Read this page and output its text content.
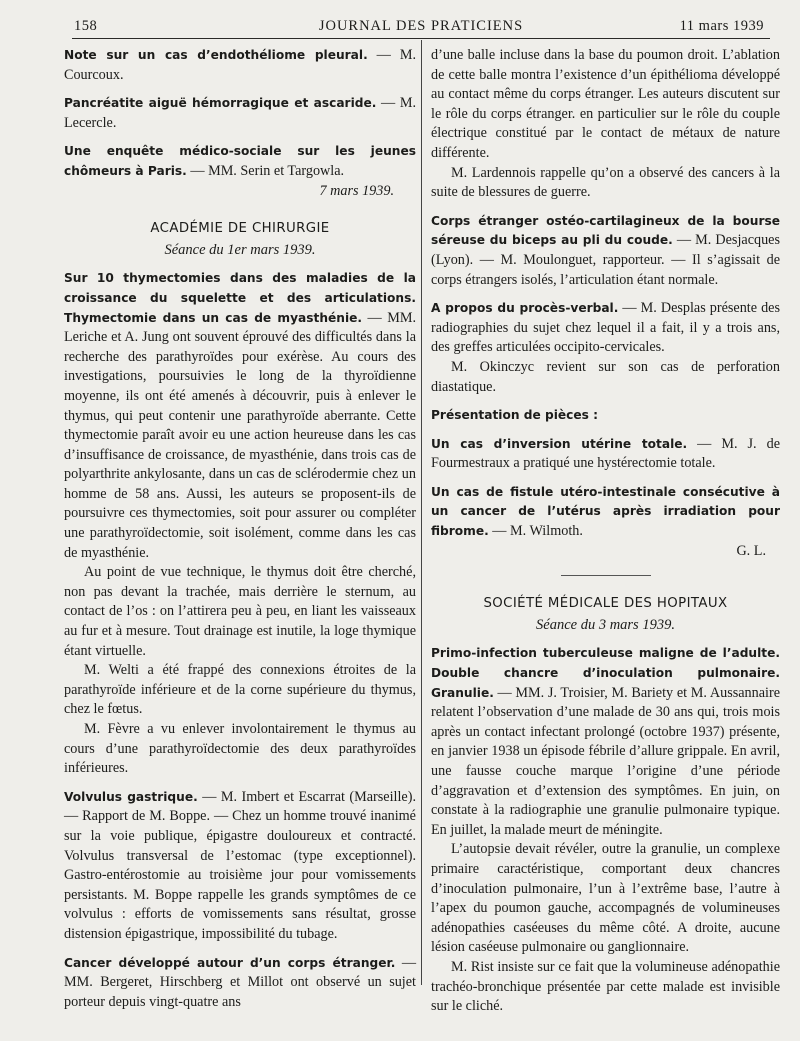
158	JOURNAL DES PRATICIENS	11 mars 1939

Note sur un cas d’endothéliome pleural. — M. Courcoux.

Pancréatite aiguë hémorragique et ascaride. — M. Lecercle.

Une enquête médico-sociale sur les jeunes chômeurs à Paris. — MM. Serin et Targowla.

7 mars 1939.

ACADÉMIE DE CHIRURGIE

Séance du 1er mars 1939.

Sur 10 thymectomies dans des maladies de la croissance du squelette et des articulations. Thymectomie dans un cas de myasthénie. — MM. Leriche et A. Jung ont souvent éprouvé des difficultés dans la recherche des parathyroïdes pour exérèse. Au cours des investigations, poursuivies le long de la thyroïdienne moyenne, ils ont été amenés à découvrir, puis à enlever le thymus, qui peut contenir une parathyroïde aberrante. Cette thymectomie paraît avoir eu une action heureuse dans les cas d’insuffisance de croissance, de myasthénie, dans trois cas de polyarthrite ankylosante, dans un cas de sclérodermie chez un homme de 58 ans. Aussi, les auteurs se proposent-ils de poursuivre ces thymectomies, soit pour assurer ou compléter une parathyroïdectomie, soit isolément, comme dans les cas de myasthénie.

Au point de vue technique, le thymus doit être cherché, non pas devant la trachée, mais derrière le sternum, au contact de l’os : on l’attirera peu à peu, en liant les vaisseaux au fur et à mesure. Tout drainage est inutile, la loge thymique étant virtuelle.

M. Welti a été frappé des connexions étroites de la parathyroïde inférieure et de la corne supérieure du thymus, chez le fœtus.

M. Fèvre a vu enlever involontairement le thymus au cours d’une parathyroïdectomie des deux parathyroïdes inférieures.

Volvulus gastrique. — M. Imbert et Escarrat (Marseille). — Rapport de M. Boppe. — Chez un homme trouvé inanimé sur la voie publique, épigastre douloureux et contracté. Volvulus transversal de l’estomac (type exceptionnel). Gastro-entérostomie au troisième jour pour vomissements persistants. M. Boppe rappelle les grands symptômes de ce volvulus : efforts de vomissements sans résultat, grosse distension épigastrique, impossibilité du tubage.

Cancer développé autour d’un corps étranger. — MM. Bergeret, Hirschberg et Millot ont observé un sujet porteur depuis vingt-quatre ans

d’une balle incluse dans la base du poumon droit. L’ablation de cette balle montra l’existence d’un épithélioma développé au contact même du corps étranger. Les auteurs discutent sur le rôle du corps étranger. en particulier sur le rôle du couple électrique constitué par le contact de métaux de nature différente.

M. Lardennois rappelle qu’on a observé des cancers à la suite de blessures de guerre.

Corps étranger ostéo-cartilagineux de la bourse séreuse du biceps au pli du coude. — M. Desjacques (Lyon). — M. Moulonguet, rapporteur. — Il s’agissait de corps étrangers isolés, l’articulation étant normale.

A propos du procès-verbal. — M. Desplas présente des radiographies du sujet chez lequel il a fait, il y a trois ans, des greffes articulées occipito-cervicales.

M. Okinczyc revient sur son cas de perforation diastatique.

Présentation de pièces :

Un cas d’inversion utérine totale. — M. J. de Fourmestraux a pratiqué une hystérectomie totale.

Un cas de fistule utéro-intestinale consécutive à un cancer de l’utérus après irradiation pour fibrome. — M. Wilmoth.

G. L.

SOCIÉTÉ MÉDICALE DES HOPITAUX

Séance du 3 mars 1939.

Primo-infection tuberculeuse maligne de l’adulte. Double chancre d’inoculation pulmonaire. Granulie. — MM. J. Troisier, M. Bariety et M. Aussannaire relatent l’observation d’une malade de 30 ans qui, trois mois après un contact infectant prolongé (octobre 1937) présente, en janvier 1938 un épisode fébrile d’allure grippale. En avril, une fausse couche marque l’origine d’une période d’aggravation et d’extension des symptômes. En juin, on constate à la radiographie une granulie pulmonaire typique. En juillet, la malade meurt de méningite.

L’autopsie devait révéler, outre la granulie, un complexe primaire caractéristique, comportant deux chancres d’inoculation pulmonaire, l’un à l’extrême base, l’autre à l’apex du poumon gauche, accompagnés de volumineuses adénopathies caséeuses du même côté. A droite, aucune lésion caséeuse pulmonaire ou ganglionnaire.

M. Rist insiste sur ce fait que la volumineuse adénopathie trachéo-bronchique présentée par cette malade est invisible sur le cliché.
